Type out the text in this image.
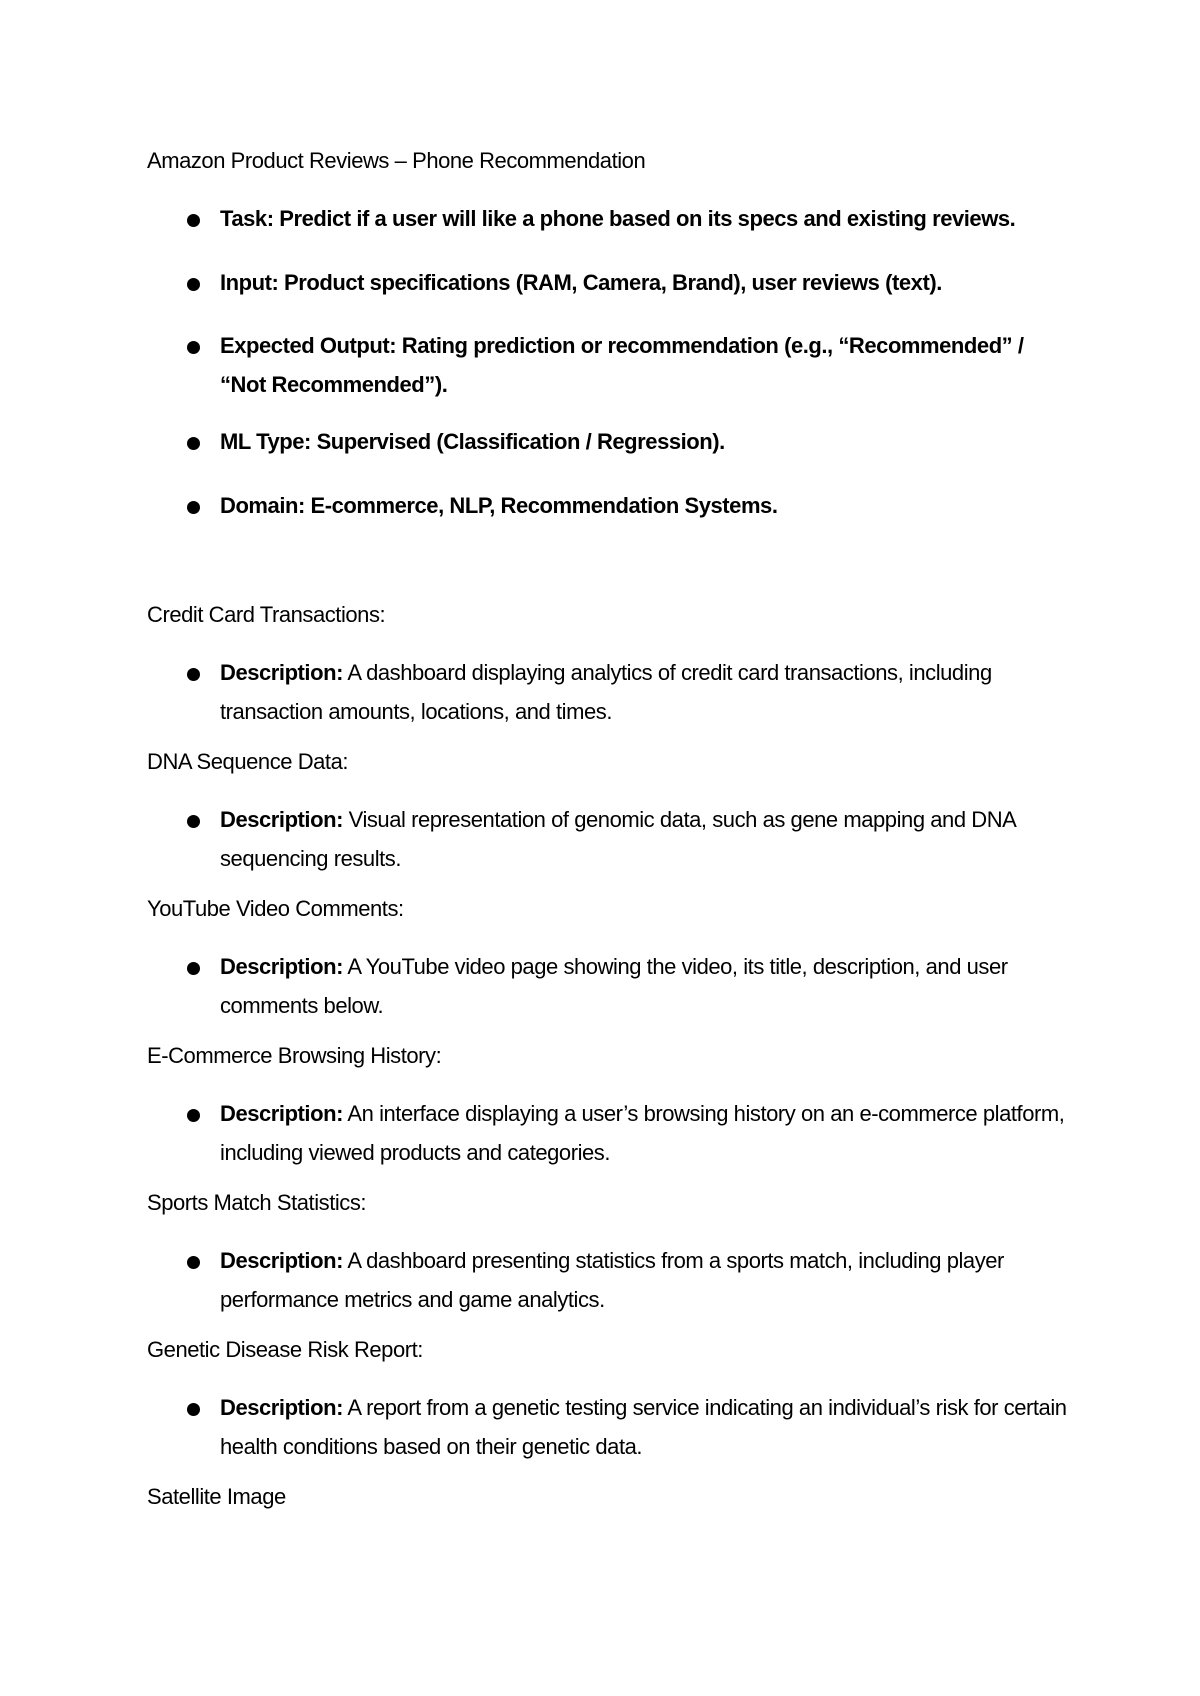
Amazon Product Reviews – Phone Recommendation
Task: Predict if a user will like a phone based on its specs and existing reviews.
Input: Product specifications (RAM, Camera, Brand), user reviews (text).
Expected Output: Rating prediction or recommendation (e.g., “Recommended” / “Not Recommended”).
ML Type: Supervised (Classification / Regression).
Domain: E-commerce, NLP, Recommendation Systems.
Credit Card Transactions:
Description: A dashboard displaying analytics of credit card transactions, including transaction amounts, locations, and times.
DNA Sequence Data:
Description: Visual representation of genomic data, such as gene mapping and DNA sequencing results.
YouTube Video Comments:
Description: A YouTube video page showing the video, its title, description, and user comments below.
E-Commerce Browsing History:
Description: An interface displaying a user’s browsing history on an e-commerce platform, including viewed products and categories.
Sports Match Statistics:
Description: A dashboard presenting statistics from a sports match, including player performance metrics and game analytics.
Genetic Disease Risk Report:
Description: A report from a genetic testing service indicating an individual’s risk for certain health conditions based on their genetic data.
Satellite Image
